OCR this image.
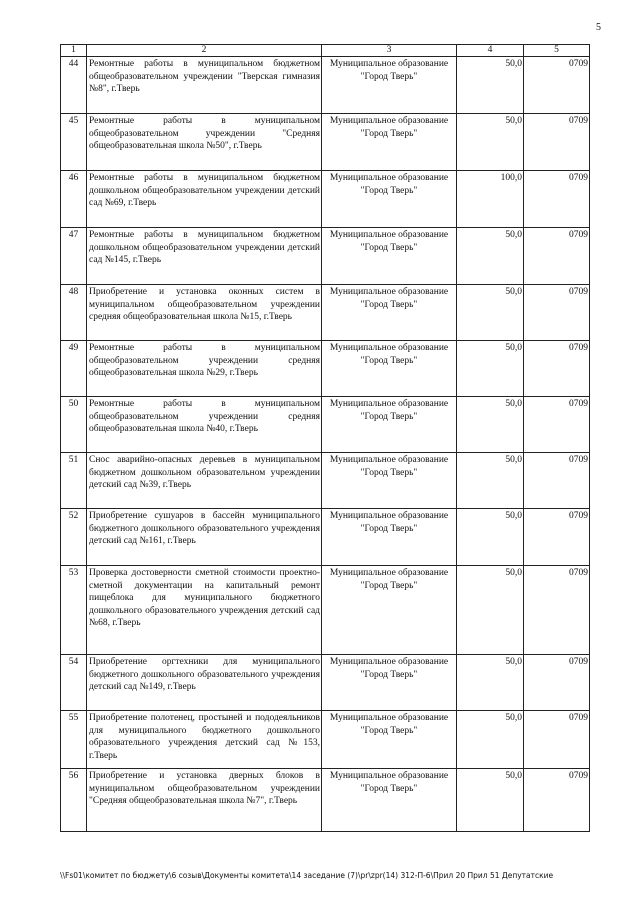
5
1	2	3	4	5
44	Ремонтные работы в муниципальном бюджетном общеобразовательном учреждении "Тверская гимназия №8", г.Тверь	Муниципальное образование "Город Тверь"	50,0	0709
45	Ремонтные работы в муниципальном общеобразовательном учреждении "Средняя общеобразовательная школа №50", г.Тверь	Муниципальное образование "Город Тверь"	50,0	0709
46	Ремонтные работы в муниципальном бюджетном дошкольном общеобразовательном учреждении детский сад №69, г.Тверь	Муниципальное образование "Город Тверь"	100,0	0709
47	Ремонтные работы в муниципальном бюджетном дошкольном общеобразовательном учреждении детский сад №145, г.Тверь	Муниципальное образование "Город Тверь"	50,0	0709
48	Приобретение и установка оконных систем в муниципальном общеобразовательном учреждении средняя общеобразовательная школа №15, г.Тверь	Муниципальное образование "Город Тверь"	50,0	0709
49	Ремонтные работы в муниципальном общеобразовательном учреждении средняя общеобразовательная школа №29, г.Тверь	Муниципальное образование "Город Тверь"	50,0	0709
50	Ремонтные работы в муниципальном общеобразовательном учреждении средняя общеобразовательная школа №40, г.Тверь	Муниципальное образование "Город Тверь"	50,0	0709
51	Снос аварийно-опасных деревьев в муниципальном бюджетном дошкольном образовательном учреждении детский сад №39, г.Тверь	Муниципальное образование "Город Тверь"	50,0	0709
52	Приобретение сушуаров в бассейн муниципального бюджетного дошкольного образовательного учреждения детский сад №161, г.Тверь	Муниципальное образование "Город Тверь"	50,0	0709
53	Проверка достоверности сметной стоимости проектно-сметной документации на капитальный ремонт пищеблока для муниципального бюджетного дошкольного образовательного учреждения детский сад №68, г.Тверь	Муниципальное образование "Город Тверь"	50,0	0709
54	Приобретение оргтехники для муниципального бюджетного дошкольного образовательного учреждения детский сад №149, г.Тверь	Муниципальное образование "Город Тверь"	50,0	0709
55	Приобретение полотенец, простыней и пододеяльников для муниципального бюджетного дошкольного образовательного учреждения детский сад №153, г.Тверь	Муниципальное образование "Город Тверь"	50,0	0709
56	Приобретение и установка дверных блоков в муниципальном общеобразовательном учреждении "Средняя общеобразовательная школа №7", г.Тверь	Муниципальное образование "Город Тверь"	50,0	0709
\\Fs01\комитет по бюджету\6 созыв\Документы комитета\14 заседание (7)\pr\zpr(14) 312-П-6\Прил 20 Прил 51 Депутатские
